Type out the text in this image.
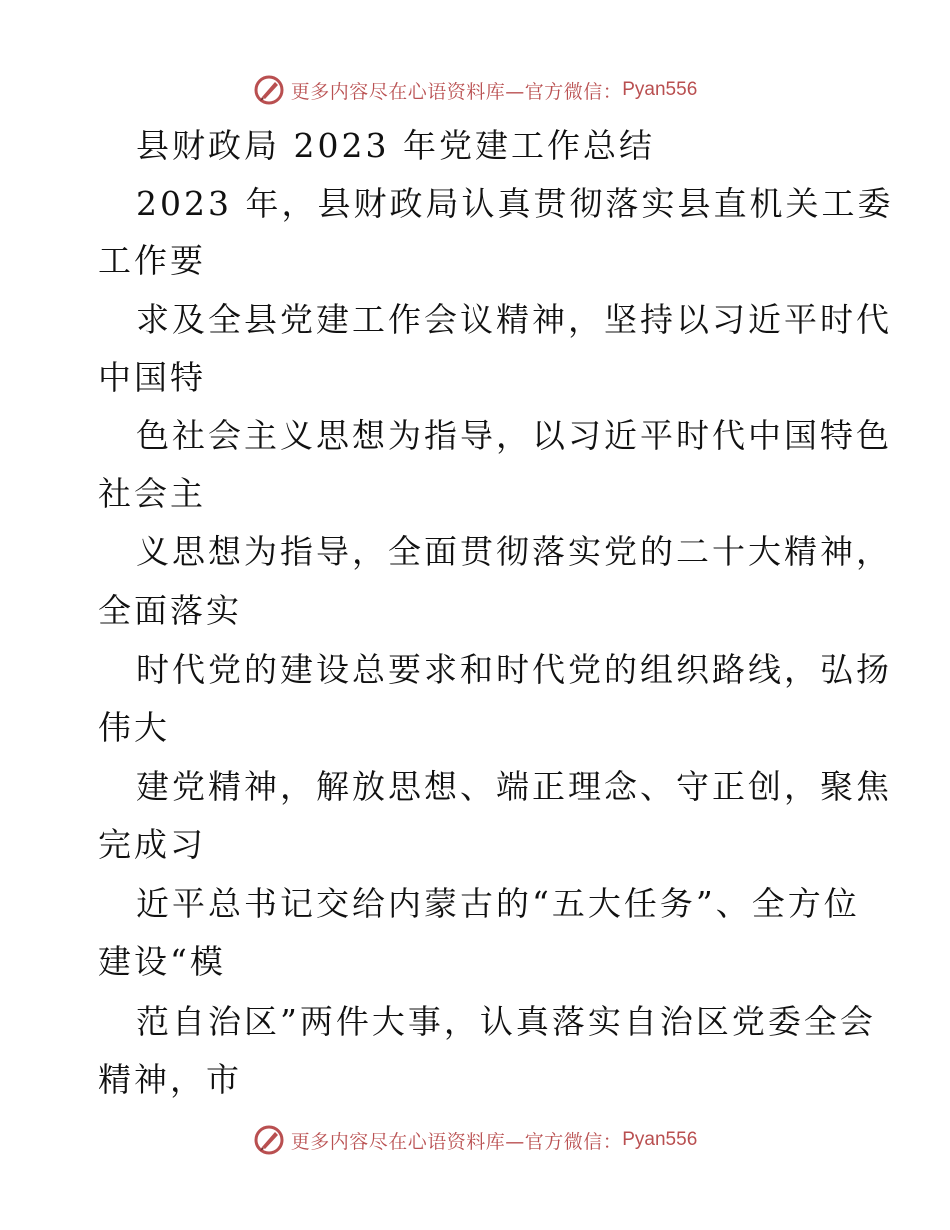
更多内容尽在心语资料库—官方微信： Pyan556
县财政局 2023 年党建工作总结
2023 年，县财政局认真贯彻落实县直机关工委
工作要
求及全县党建工作会议精神，坚持以习近平时代
中国特
色社会主义思想为指导，以习近平时代中国特色
社会主
义思想为指导，全面贯彻落实党的二十大精神，
全面落实
时代党的建设总要求和时代党的组织路线，弘扬
伟大
建党精神，解放思想、端正理念、守正创，聚焦
完成习
近平总书记交给内蒙古的“五大任务”、全方位
建设“模
范自治区”两件大事，认真落实自治区党委全会
精神，市
更多内容尽在心语资料库—官方微信： Pyan556
